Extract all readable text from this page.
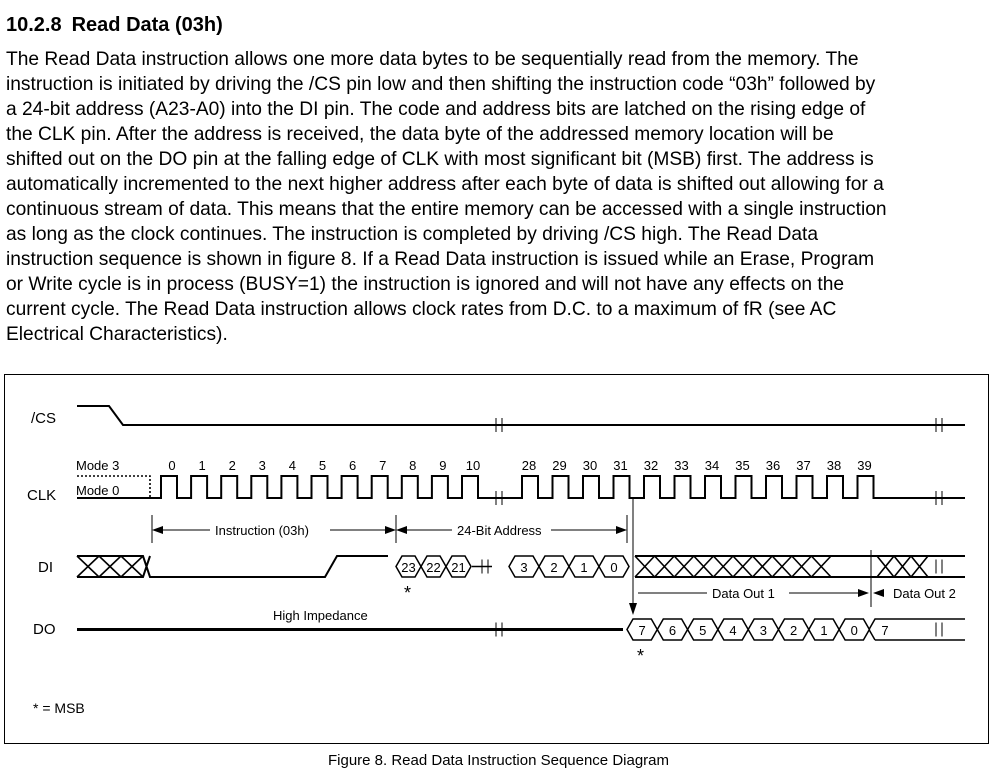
10.2.8 Read Data (03h)
The Read Data instruction allows one more data bytes to be sequentially read from the memory. The
instruction is initiated by driving the /CS pin low and then shifting the instruction code “03h” followed by
a 24-bit address (A23-A0) into the DI pin. The code and address bits are latched on the rising edge of
the CLK pin. After the address is received, the data byte of the addressed memory location will be
shifted out on the DO pin at the falling edge of CLK with most significant bit (MSB) first. The address is
automatically incremented to the next higher address after each byte of data is shifted out allowing for a
continuous stream of data. This means that the entire memory can be accessed with a single instruction
as long as the clock continues. The instruction is completed by driving /CS high. The Read Data
instruction sequence is shown in figure 8. If a Read Data instruction is issued while an Erase, Program
or Write cycle is in process (BUSY=1) the instruction is ignored and will not have any effects on the
current cycle. The Read Data instruction allows clock rates from D.C. to a maximum of fR (see AC
Electrical Characteristics).
/CS
CLK
DI
DO
Mode 3
Mode 0
Instruction (03h)	24-Bit Address
Data Out 1	Data Out 2
High Impedance
*
*
* = MSB
0 1 2 3 4 5 6 7 8 9 10	28 29 30 31 32 33 34 35 36 37 38 39
23 22 21	3 2 1 0
7 6 5 4 3 2 1 0 7
Figure 8. Read Data Instruction Sequence Diagram
